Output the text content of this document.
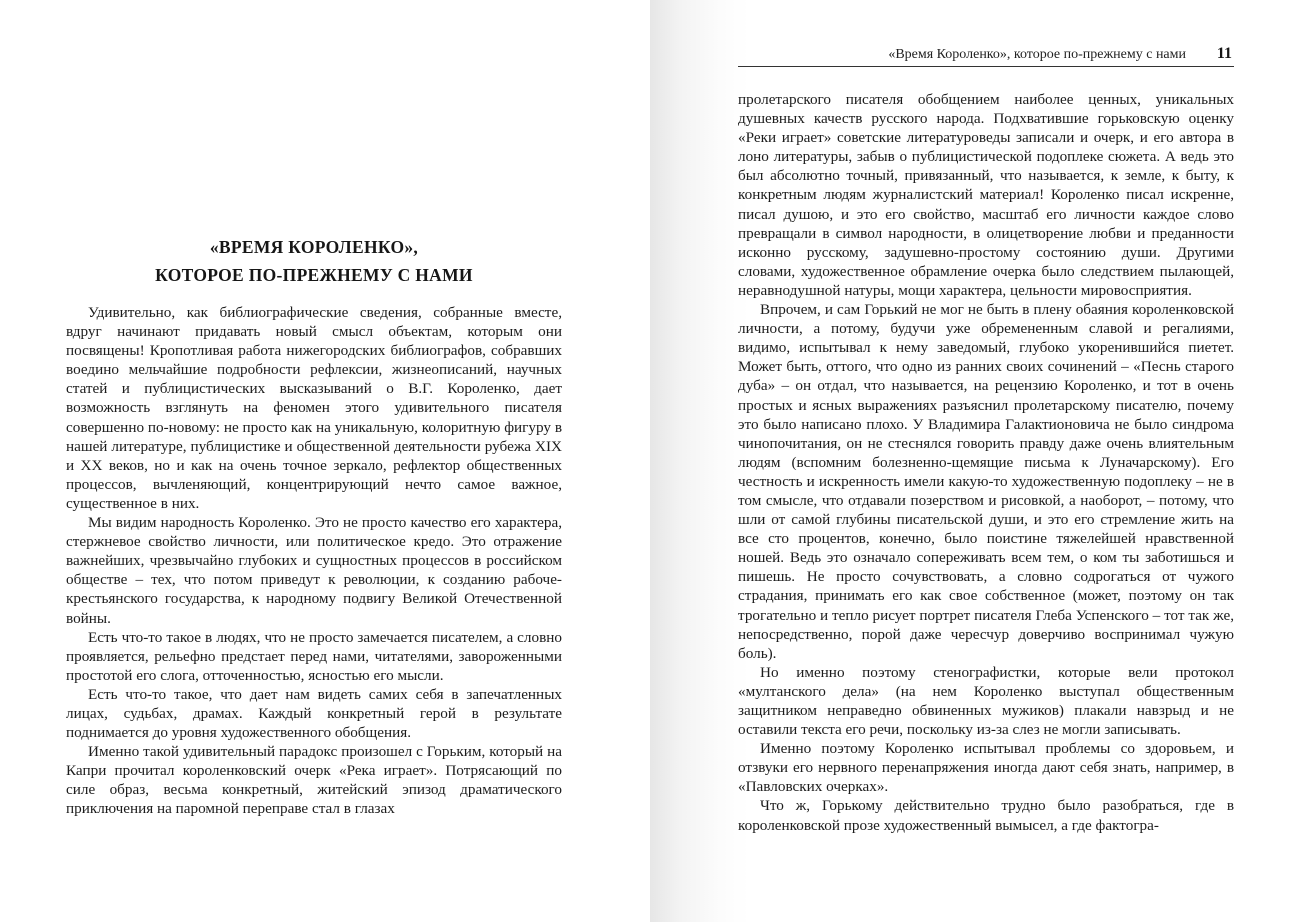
«ВРЕМЯ КОРОЛЕНКО»,
КОТОРОЕ ПО-ПРЕЖНЕМУ С НАМИ

Удивительно, как библиографические сведения, собранные вместе, вдруг начинают придавать новый смысл объектам, которым они посвящены! Кропотливая работа нижегородских библиографов, собравших воедино мельчайшие подробности рефлексии, жизнеописаний, научных статей и публицистических высказываний о В.Г. Короленко, дает возможность взглянуть на феномен этого удивительного писателя совершенно по-новому: не просто как на уникальную, колоритную фигуру в нашей литературе, публицистике и общественной деятельности рубежа XIX и XX веков, но и как на очень точное зеркало, рефлектор общественных процессов, вычленяющий, концентрирующий нечто самое важное, существенное в них.

Мы видим народность Короленко. Это не просто качество его характера, стержневое свойство личности, или политическое кредо. Это отражение важнейших, чрезвычайно глубоких и сущностных процессов в российском обществе – тех, что потом приведут к революции, к созданию рабоче-крестьянского государства, к народному подвигу Великой Отечественной войны.

Есть что-то такое в людях, что не просто замечается писателем, а словно проявляется, рельефно предстает перед нами, читателями, завороженными простотой его слога, отточенностью, ясностью его мысли.

Есть что-то такое, что дает нам видеть самих себя в запечатленных лицах, судьбах, драмах. Каждый конкретный герой в результате поднимается до уровня художественного обобщения.

Именно такой удивительный парадокс произошел с Горьким, который на Капри прочитал короленковский очерк «Река играет». Потрясающий по силе образ, весьма конкретный, житейский эпизод драматического приключения на паромной переправе стал в глазах

«Время Короленко», которое по-прежнему с нами 11

пролетарского писателя обобщением наиболее ценных, уникальных душевных качеств русского народа. Подхватившие горьковскую оценку «Реки играет» советские литературоведы записали и очерк, и его автора в лоно литературы, забыв о публицистической подоплеке сюжета. А ведь это был абсолютно точный, привязанный, что называется, к земле, к быту, к конкретным людям журналистский материал! Короленко писал искренне, писал душою, и это его свойство, масштаб его личности каждое слово превращали в символ народности, в олицетворение любви и преданности исконно русскому, задушевно-простому состоянию души. Другими словами, художественное обрамление очерка было следствием пылающей, неравнодушной натуры, мощи характера, цельности мировосприятия.

Впрочем, и сам Горький не мог не быть в плену обаяния короленковской личности, а потому, будучи уже обремененным славой и регалиями, видимо, испытывал к нему заведомый, глубоко укоренившийся пиетет. Может быть, оттого, что одно из ранних своих сочинений – «Песнь старого дуба» – он отдал, что называется, на рецензию Короленко, и тот в очень простых и ясных выражениях разъяснил пролетарскому писателю, почему это было написано плохо. У Владимира Галактионовича не было синдрома чинопочитания, он не стеснялся говорить правду даже очень влиятельным людям (вспомним болезненно-щемящие письма к Луначарскому). Его честность и искренность имели какую-то художественную подоплеку – не в том смысле, что отдавали позерством и рисовкой, а наоборот, – потому, что шли от самой глубины писательской души, и это его стремление жить на все сто процентов, конечно, было поистине тяжелейшей нравственной ношей. Ведь это означало сопереживать всем тем, о ком ты заботишься и пишешь. Не просто сочувствовать, а словно содрогаться от чужого страдания, принимать его как свое собственное (может, поэтому он так трогательно и тепло рисует портрет писателя Глеба Успенского – тот так же, непосредственно, порой даже чересчур доверчиво воспринимал чужую боль).

Но именно поэтому стенографистки, которые вели протокол «мултанского дела» (на нем Короленко выступал общественным защитником неправедно обвиненных мужиков) плакали навзрыд и не оставили текста его речи, поскольку из-за слез не могли записывать.

Именно поэтому Короленко испытывал проблемы со здоровьем, и отзвуки его нервного перенапряжения иногда дают себя знать, например, в «Павловских очерках».

Что ж, Горькому действительно трудно было разобраться, где в короленковской прозе художественный вымысел, а где фактогра-
